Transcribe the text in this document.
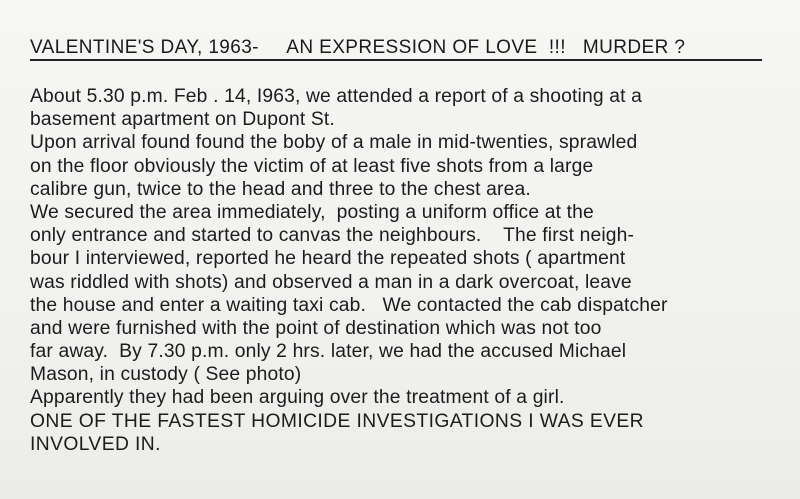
VALENTINE'S DAY, 1963-     AN EXPRESSION OF LOVE  !!!   MURDER ?
About 5.30 p.m. Feb . 14, I963, we attended a report of a shooting at a
basement apartment on Dupont St.
Upon arrival found found the boby of a male in mid-twenties, sprawled
on the floor obviously the victim of at least five shots from a large
calibre gun, twice to the head and three to the chest area.
We secured the area immediately,  posting a uniform office at the
only entrance and started to canvas the neighbours.    The first neigh-
bour I interviewed, reported he heard the repeated shots ( apartment
was riddled with shots) and observed a man in a dark overcoat, leave
the house and enter a waiting taxi cab.   We contacted the cab dispatcher
and were furnished with the point of destination which was not too
far away.  By 7.30 p.m. only 2 hrs. later, we had the accused Michael
Mason, in custody ( See photo)
Apparently they had been arguing over the treatment of a girl.
ONE OF THE FASTEST HOMICIDE INVESTIGATIONS I WAS EVER
INVOLVED IN.
